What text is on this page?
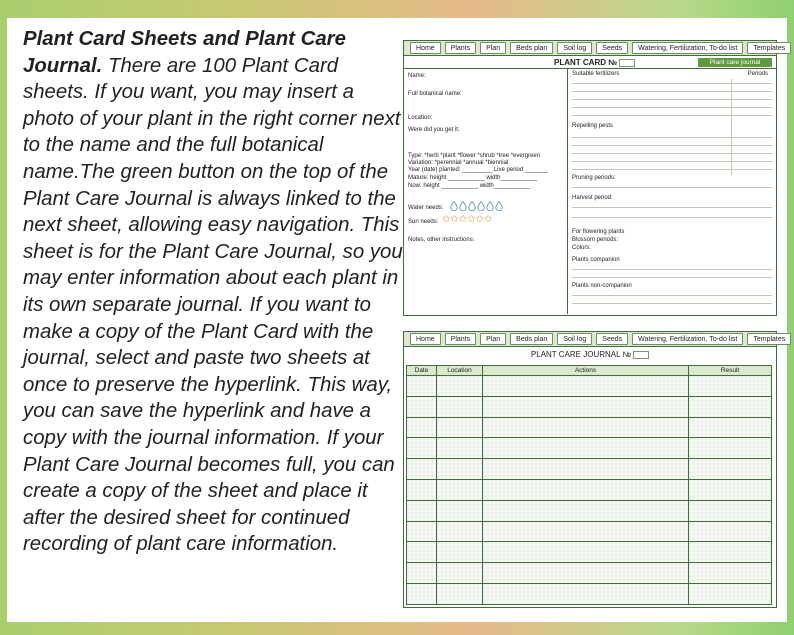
Plant Card Sheets and Plant Care Journal. There are 100 Plant Card sheets. If you want, you may insert a photo of your plant in the right corner next to the name and the full botanical name.The green button on the top of the Plant Care Journal is always linked to the next sheet, allowing easy navigation. This sheet is for the Plant Care Journal, so you may enter information about each plant in its own separate journal. If you want to make a copy of the Plant Card with the journal, select and paste two sheets at once to preserve the hyperlink. This way, you can save the hyperlink and have a copy with the journal information. If your Plant Care Journal becomes full, you can create a copy of the sheet and place it after the desired sheet for continued recording of plant care information.
Home	Plants	Plan	Beds plan	Soil log	Seeds	Watering, Fertilization, To-do list	Templates
PLANT CARD №	Plant care journal
Name:
Full botanical name:
Location:
Were did you get it:
Type: *herb *plant *flower *shrub *tree *evergreen
Variation: *perennial *annual *biennial
Year (date) planted: _________ Live period _______
Mature: height ___________ width___________
Now: height ___________ width___________
Water needs:
Sun needs: ✩ ✩ ✩ ✩ ✩ ✩
Notes, other instructions:
Suitable fertilizers	Periods
Repelling pests
Pruning periods:
Harvest period:
For flowering plants
Blossom periods:
Colors:
Plants companion
Plants non-companion
Home	Plants	Plan	Beds plan	Soil log	Seeds	Watering, Fertilization, To-do list	Templates
PLANT CARE JOURNAL №
Date	Location	Actions	Result
